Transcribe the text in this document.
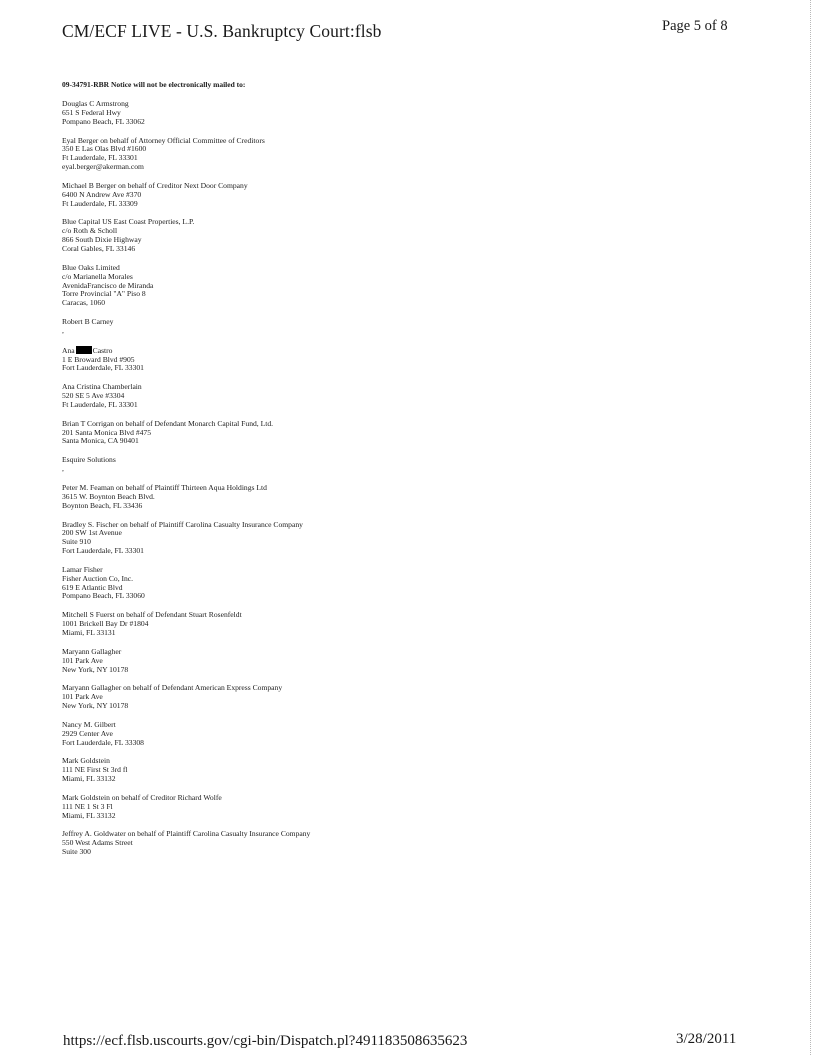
CM/ECF LIVE - U.S. Bankruptcy Court:flsb	Page 5 of 8
09-34791-RBR Notice will not be electronically mailed to:
Douglas C Armstrong
651 S Federal Hwy
Pompano Beach, FL 33062
Eyal Berger on behalf of Attorney Official Committee of Creditors
350 E Las Olas Blvd #1600
Ft Lauderdale, FL 33301
eyal.berger@akerman.com
Michael B Berger on behalf of Creditor Next Door Company
6400 N Andrew Ave #370
Ft Lauderdale, FL 33309
Blue Capital US East Coast Properties, L.P.
c/o Roth & Scholl
866 South Dixie Highway
Coral Gables, FL 33146
Blue Oaks Limited
c/o Marianella Morales
AvenidaFrancisco de Miranda
Torre Provincial "A" Piso 8
Caracas, 1060
Robert B Carney
,
Ana Castro
1 E Broward Blvd #905
Fort Lauderdale, FL 33301
Ana Cristina Chamberlain
520 SE 5 Ave #3304
Ft Lauderdale, FL 33301
Brian T Corrigan on behalf of Defendant Monarch Capital Fund, Ltd.
201 Santa Monica Blvd #475
Santa Monica, CA 90401
Esquire Solutions
,
Peter M. Feaman on behalf of Plaintiff Thirteen Aqua Holdings Ltd
3615 W. Boynton Beach Blvd.
Boynton Beach, FL 33436
Bradley S. Fischer on behalf of Plaintiff Carolina Casualty Insurance Company
200 SW 1st Avenue
Suite 910
Fort Lauderdale, FL 33301
Lamar Fisher
Fisher Auction Co, Inc.
619 E Atlantic Blvd
Pompano Beach, FL 33060
Mitchell S Fuerst on behalf of Defendant Stuart Rosenfeldt
1001 Brickell Bay Dr #1804
Miami, FL 33131
Maryann Gallagher
101 Park Ave
New York, NY 10178
Maryann Gallagher on behalf of Defendant American Express Company
101 Park Ave
New York, NY 10178
Nancy M. Gilbert
2929 Center Ave
Fort Lauderdale, FL 33308
Mark Goldstein
111 NE First St 3rd fl
Miami, FL 33132
Mark Goldstein on behalf of Creditor Richard Wolfe
111 NE 1 St 3 Fl
Miami, FL 33132
Jeffrey A. Goldwater on behalf of Plaintiff Carolina Casualty Insurance Company
550 West Adams Street
Suite 300
https://ecf.flsb.uscourts.gov/cgi-bin/Dispatch.pl?491183508635623	3/28/2011
